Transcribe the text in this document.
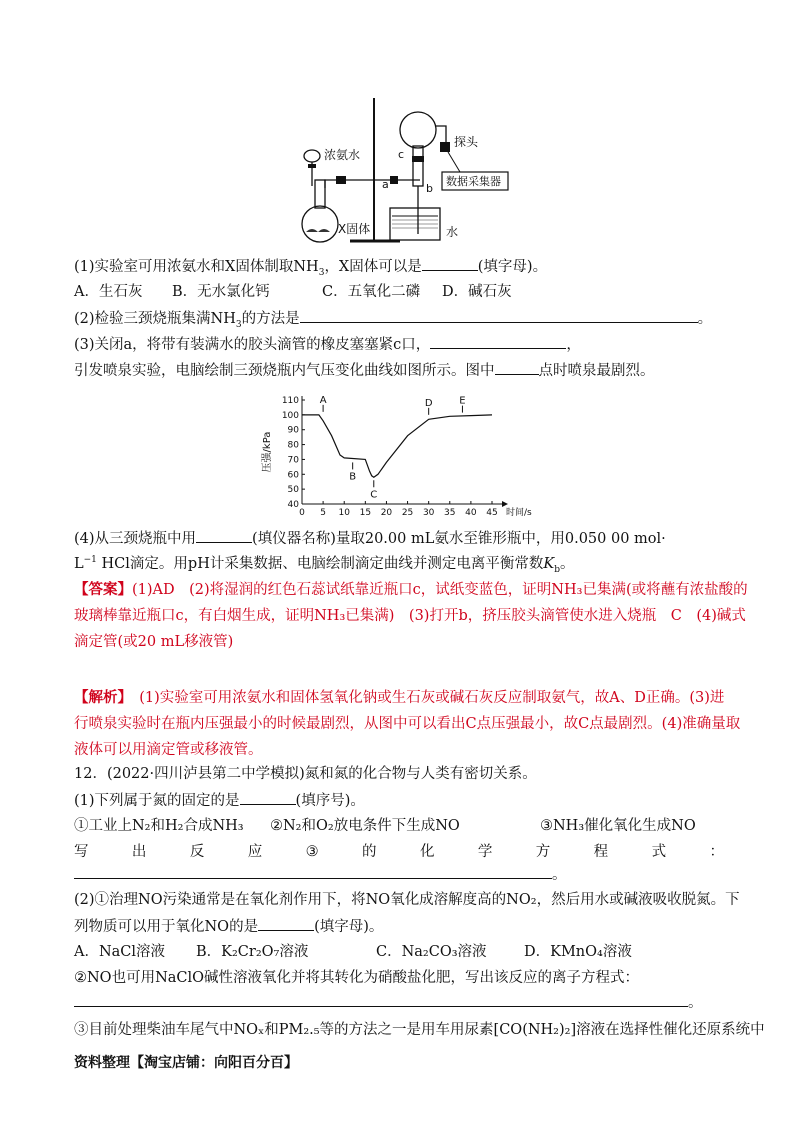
浓氨水
X固体
探头
数据采集器
水
a	b
c
(1)实验室可用浓氨水和X固体制取$NH_3$，X固体可以是	(填字母)。
A．生石灰 B．无水氯化钙	C．五氧化二磷 D．碱石灰
(2)检验三颈烧瓶集满$NH_3$的方法是	。
(3)关闭a，将带有装满水的胶头滴管的橡皮塞塞紧c口，	，
引发喷泉实验，电脑绘制三颈烧瓶内气压变化曲线如图所示。图中	点时喷泉最剧烈。
0 5 10 15 20 25 30 35 40 45
40
50
60
70
80
90
100
110
时间/s
压强/kPa
A
B
C
D	E
(4)从三颈烧瓶中用	(填仪器名称)量取20.00 mL氨水至锥形瓶中，用0.050 00 mol·
$L^{-1}$ HCl滴定。用pH计采集数据、电脑绘制滴定曲线并测定电离平衡常数$K_b$。
【答案】(1)AD　(2)将湿润的红色石蕊试纸靠近瓶口c，试纸变蓝色，证明NH₃已集满(或将蘸有浓盐酸的
玻璃棒靠近瓶口c，有白烟生成，证明NH₃已集满)　(3)打开b，挤压胶头滴管使水进入烧瓶　C　(4)碱式
滴定管(或20 mL移液管)
【解析】　(1)实验室可用浓氨水和固体氢氧化钠或生石灰或碱石灰反应制取氨气，故A、D正确。(3)进
行喷泉实验时在瓶内压强最小的时候最剧烈，从图中可以看出C点压强最小，故C点最剧烈。(4)准确量取
液体可以用滴定管或移液管。
12．(2022·四川泸县第二中学模拟)氮和氮的化合物与人类有密切关系。
(1)下列属于氮的固定的是	(填序号)。
①工业上N₂和H₂合成NH₃ ②N₂和O₂放电条件下生成NO	③NH₃催化氧化生成NO
写	出	反	应	③	的	化	学	方	程	式	：
。
(2)①治理NO污染通常是在氧化剂作用下，将NO氧化成溶解度高的NO₂，然后用水或碱液吸收脱氮。下
列物质可以用于氧化NO的是	(填字母)。
A．NaCl溶液 B．K₂Cr₂O₇溶液	C．Na₂CO₃溶液	D．KMnO₄溶液
②NO也可用NaClO碱性溶液氧化并将其转化为硝酸盐化肥，写出该反应的离子方程式：
。
③目前处理柴油车尾气中NOₓ和PM₂.₅等的方法之一是用车用尿素[CO(NH₂)₂]溶液在选择性催化还原系统中
资料整理【淘宝店铺：向阳百分百】
